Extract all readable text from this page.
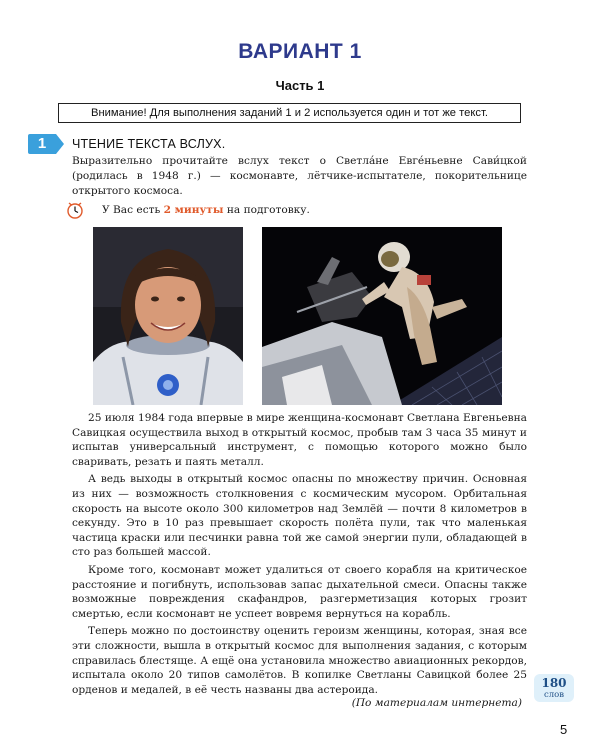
ВАРИАНТ 1
Часть 1
Внимание! Для выполнения заданий 1 и 2 используется один и тот же текст.
1	ЧТЕНИЕ ТЕКСТА ВСЛУХ.

Выразительно прочитайте вслух текст о Светла́не Евге́ньевне Сави́цкой (родилась в 1948 г.) — космонавте, лётчике-испытателе, покорительнице открытого космоса.

У Вас есть 2 минуты на подготовку.

25 июля 1984 года впервые в мире женщина-космонавт Светлана Евгеньевна Савицкая осуществила выход в открытый космос, пробыв там 3 часа 35 минут и испытав универсальный инструмент, с помощью которого можно было сваривать, резать и паять металл.

А ведь выходы в открытый космос опасны по множеству причин. Основная из них — возможность столкновения с космическим мусором. Орбитальная скорость на высоте около 300 километров над Землёй — почти 8 километров в секунду. Это в 10 раз превышает скорость полёта пули, так что маленькая частица краски или песчинки равна той же самой энергии пули, обладающей в сто раз большей массой.

Кроме того, космонавт может удалиться от своего корабля на критическое расстояние и погибнуть, использовав запас дыхательной смеси. Опасны также возможные повреждения скафандров, разгерметизация которых грозит смертью, если космонавт не успеет вовремя вернуться на корабль.

Теперь можно по достоинству оценить героизм женщины, которая, зная все эти сложности, вышла в открытый космос для выполнения задания, с которым справилась блестяще. А ещё она установила множество авиационных рекордов, испытала около 20 типов самолётов. В копилке Светланы Савицкой более 25 орденов и медалей, в её честь названы два астероида.	180
слов
(По материалам интернета)
5
